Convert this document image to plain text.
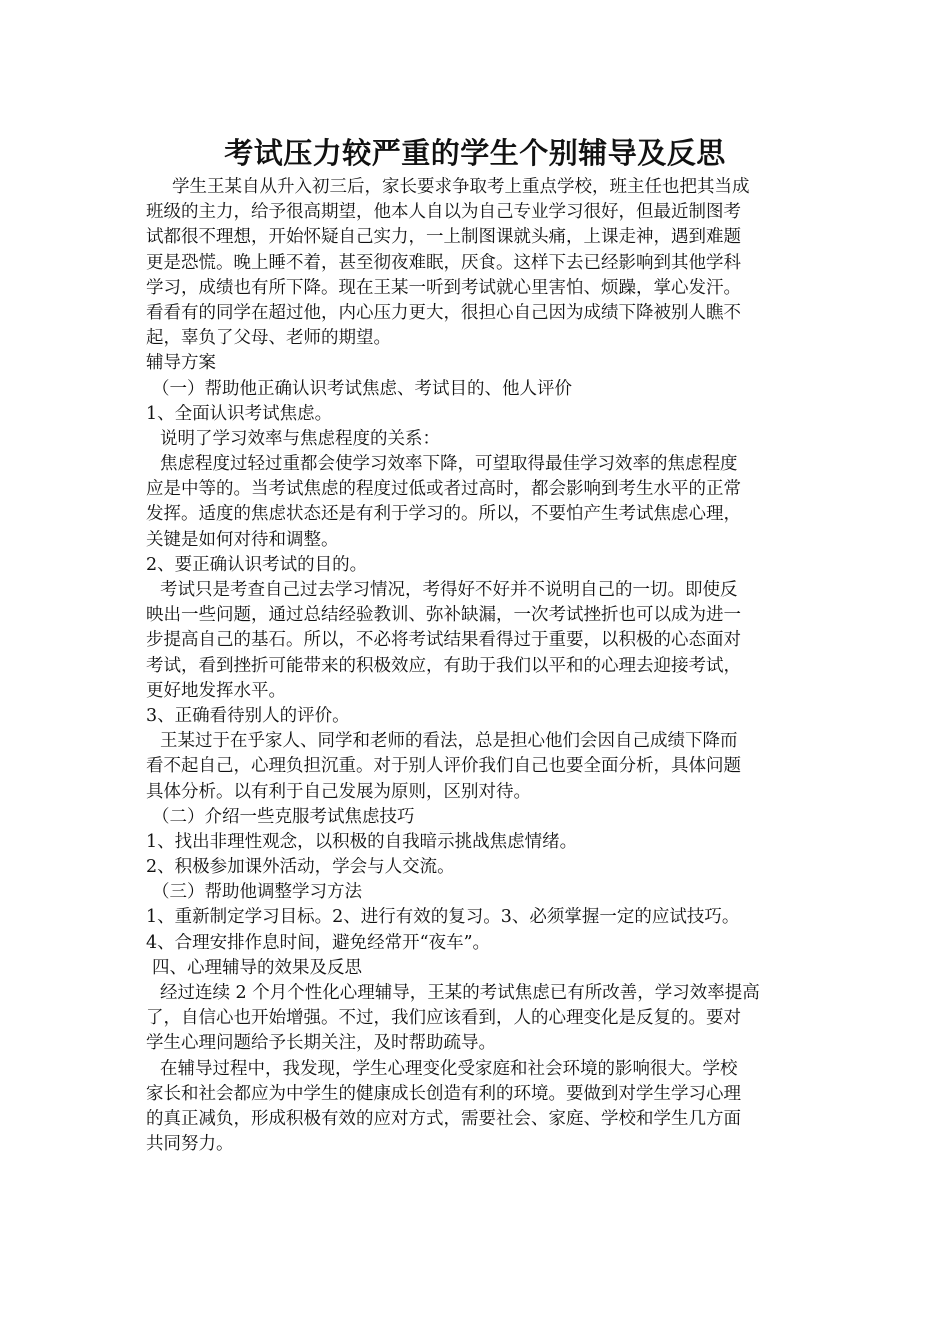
考试压力较严重的学生个别辅导及反思

学生王某自从升入初三后，家长要求争取考上重点学校，班主任也把其当成

班级的主力，给予很高期望，他本人自以为自己专业学习很好，但最近制图考

试都很不理想，开始怀疑自己实力，一上制图课就头痛，上课走神，遇到难题

更是恐慌。晚上睡不着，甚至彻夜难眠，厌食。这样下去已经影响到其他学科

学习，成绩也有所下降。现在王某一听到考试就心里害怕、烦躁，掌心发汗。

看看有的同学在超过他，内心压力更大，很担心自己因为成绩下降被别人瞧不

起，辜负了父母、老师的期望。

辅导方案

（一）帮助他正确认识考试焦虑、考试目的、他人评价

1、全面认识考试焦虑。

说明了学习效率与焦虑程度的关系：

焦虑程度过轻过重都会使学习效率下降，可望取得最佳学习效率的焦虑程度

应是中等的。当考试焦虑的程度过低或者过高时，都会影响到考生水平的正常

发挥。适度的焦虑状态还是有利于学习的。所以，不要怕产生考试焦虑心理，

关键是如何对待和调整。

2、要正确认识考试的目的。

考试只是考查自己过去学习情况，考得好不好并不说明自己的一切。即使反

映出一些问题，通过总结经验教训、弥补缺漏，一次考试挫折也可以成为进一

步提高自己的基石。所以，不必将考试结果看得过于重要，以积极的心态面对

考试，看到挫折可能带来的积极效应，有助于我们以平和的心理去迎接考试，

更好地发挥水平。

3、正确看待别人的评价。

王某过于在乎家人、同学和老师的看法，总是担心他们会因自己成绩下降而

看不起自己，心理负担沉重。对于别人评价我们自己也要全面分析，具体问题

具体分析。以有利于自己发展为原则，区别对待。

（二）介绍一些克服考试焦虑技巧

1、找出非理性观念，以积极的自我暗示挑战焦虑情绪。

2、积极参加课外活动，学会与人交流。

（三）帮助他调整学习方法

1、重新制定学习目标。2、进行有效的复习。3、必须掌握一定的应试技巧。

4、合理安排作息时间，避免经常开“夜车”。

四、心理辅导的效果及反思

经过连续 2 个月个性化心理辅导，王某的考试焦虑已有所改善，学习效率提高

了，自信心也开始增强。不过，我们应该看到，人的心理变化是反复的。要对

学生心理问题给予长期关注，及时帮助疏导。

在辅导过程中，我发现，学生心理变化受家庭和社会环境的影响很大。学校

家长和社会都应为中学生的健康成长创造有利的环境。要做到对学生学习心理

的真正减负，形成积极有效的应对方式，需要社会、家庭、学校和学生几方面

共同努力。
